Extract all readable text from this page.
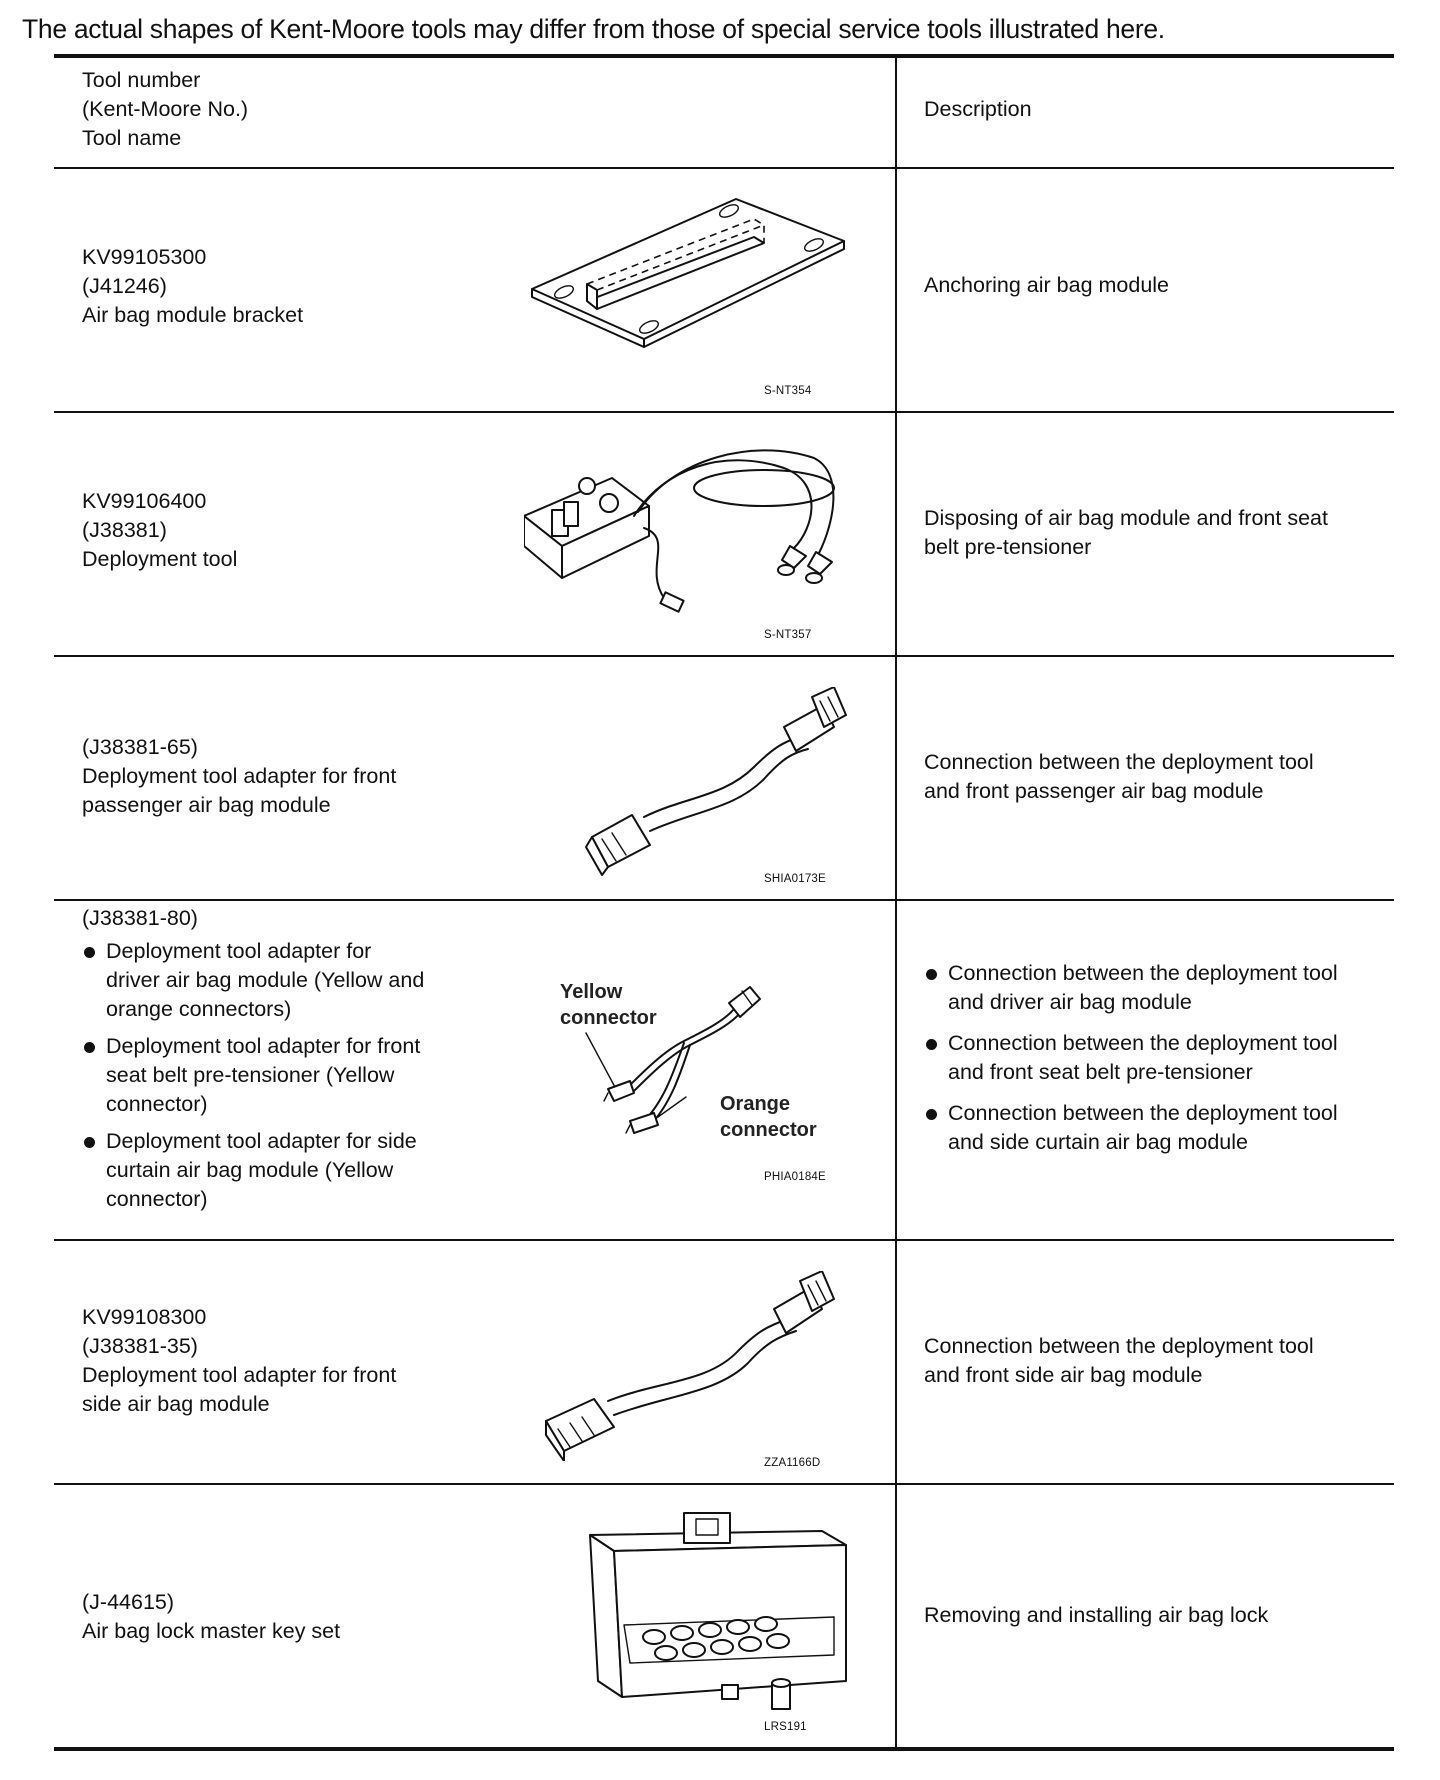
The actual shapes of Kent-Moore tools may differ from those of special service tools illustrated here.
Tool number
(Kent-Moore No.)
Tool name
Description
KV99105300
(J41246)
Air bag module bracket
S-NT354
Anchoring air bag module
KV99106400
(J38381)
Deployment tool
S-NT357
Disposing of air bag module and front seat
belt pre-tensioner
(J38381-65)
Deployment tool adapter for front
passenger air bag module
SHIA0173E
Connection between the deployment tool
and front passenger air bag module
(J38381-80)
Deployment tool adapter for
driver air bag module (Yellow and
orange connectors)
Deployment tool adapter for front
seat belt pre-tensioner (Yellow
connector)
Deployment tool adapter for side
curtain air bag module (Yellow
connector)
Yellow
connector
Orange
connector
PHIA0184E
Connection between the deployment tool
and driver air bag module
Connection between the deployment tool
and front seat belt pre-tensioner
Connection between the deployment tool
and side curtain air bag module
KV99108300
(J38381-35)
Deployment tool adapter for front
side air bag module
ZZA1166D
Connection between the deployment tool
and front side air bag module
(J-44615)
Air bag lock master key set
LRS191
Removing and installing air bag lock
